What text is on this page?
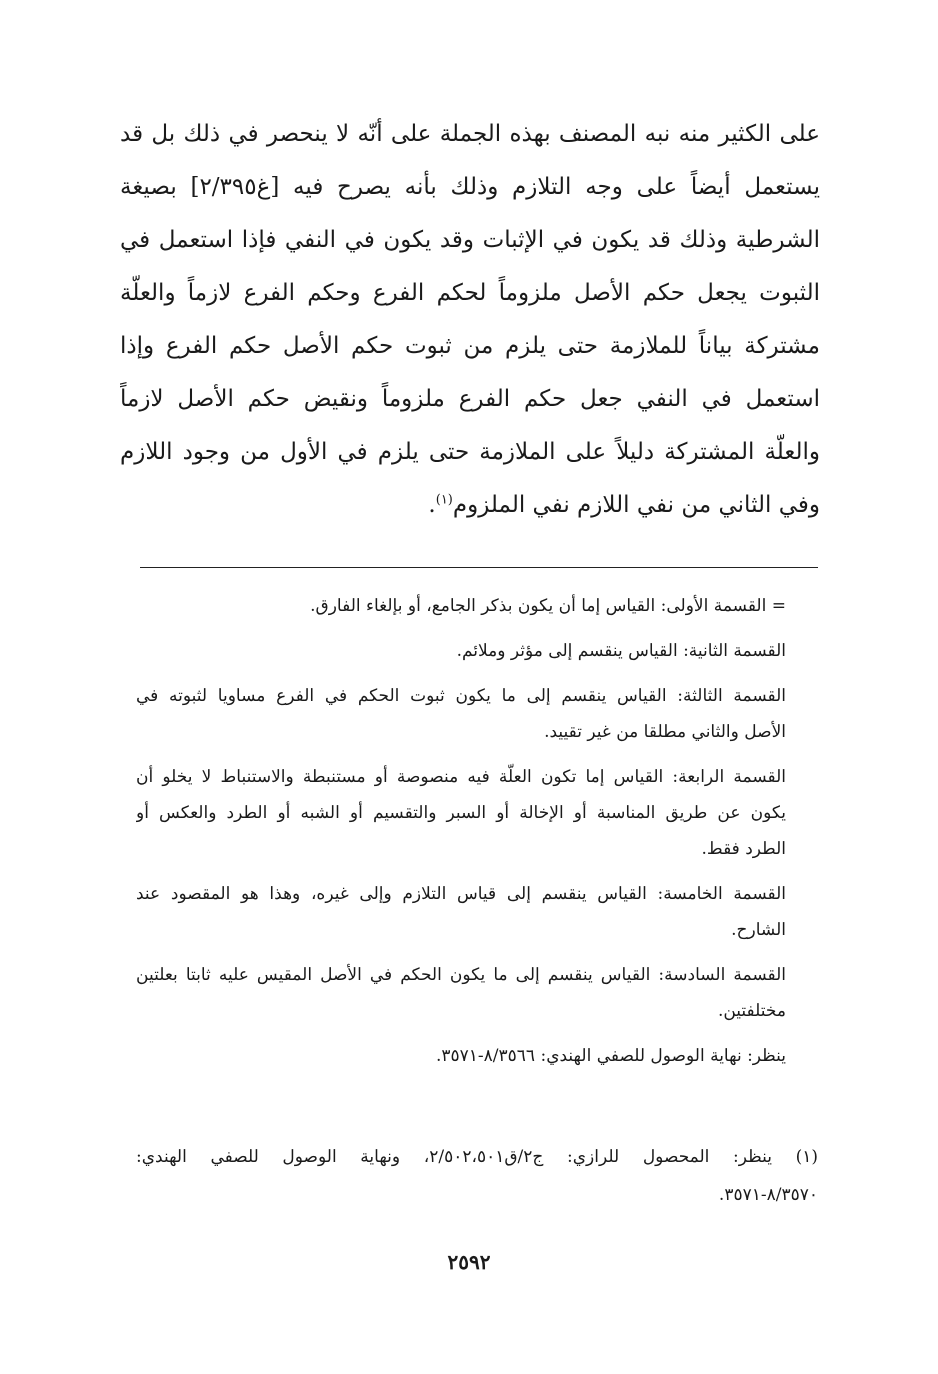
على الكثير منه نبه المصنف بهذه الجملة على أنّه لا ينحصر في ذلك بل قد
يستعمل أيضاً على وجه التلازم وذلك بأنه يصرح فيه [غ٢/٣٩٥] بصيغة
الشرطية وذلك قد يكون في الإثبات وقد يكون في النفي فإذا استعمل في
الثبوت يجعل حكم الأصل ملزوماً لحكم الفرع وحكم الفرع لازماً والعلّة
مشتركة بياناً للملازمة حتى يلزم من ثبوت حكم الأصل حكم الفرع وإذا
استعمل في النفي جعل حكم الفرع ملزوماً ونقيض حكم الأصل لازماً
والعلّة المشتركة دليلاً على الملازمة حتى يلزم في الأول من وجود اللازم
وفي الثاني من نفي اللازم نفي الملزوم$^{(١)}$.

= القسمة الأولى: القياس إما أن يكون بذكر الجامع، أو بإلغاء الفارق.

القسمة الثانية: القياس ينقسم إلى مؤثر وملائم.

القسمة الثالثة: القياس ينقسم إلى ما يكون ثبوت الحكم في الفرع مساويا لثبوته في
الأصل والثاني مطلقا من غير تقييد.

القسمة الرابعة: القياس إما تكون العلّة فيه منصوصة أو مستنبطة والاستنباط لا يخلو أن
يكون عن طريق المناسبة أو الإخالة أو السبر والتقسيم أو الشبه أو الطرد والعكس أو
الطرد فقط.

القسمة الخامسة: القياس ينقسم إلى قياس التلازم وإلى غيره، وهذا هو المقصود عند
الشارح.

القسمة السادسة: القياس ينقسم إلى ما يكون الحكم في الأصل المقيس عليه ثابتا بعلتين
مختلفتين.

ينظر: نهاية الوصول للصفي الهندي: ٨/٣٥٦٦-٣٥٧١.

(١) ينظر: المحصول للرازي: ج٢/ق٢/٥٠٢،٥٠١، ونهاية الوصول للصفي الهندي:
٨/٣٥٧٠-٣٥٧١.
٢٥٩٢
